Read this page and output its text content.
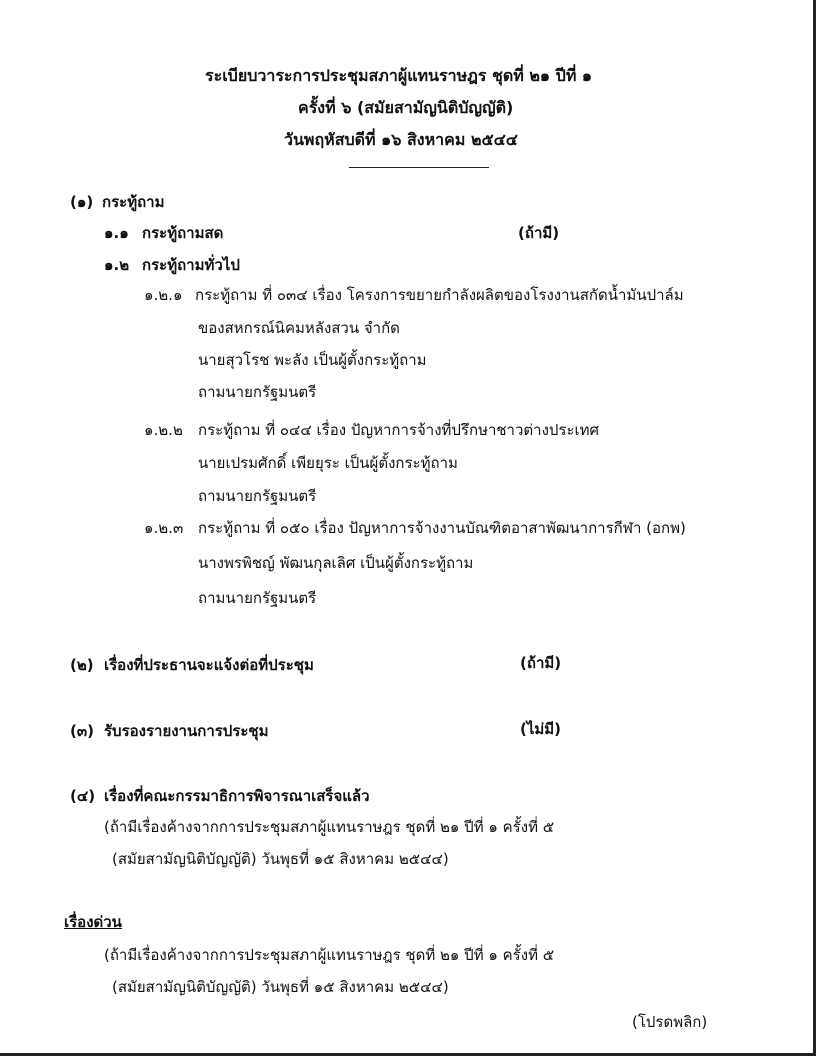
ระเบียบวาระการประชุมสภาผู้แทนราษฎร ชุดที่ ๒๑ ปีที่ ๑
ครั้งที่ ๖ (สมัยสามัญนิติบัญญัติ)
วันพฤหัสบดีที่ ๑๖ สิงหาคม ๒๕๔๔
(๑) กระทู้ถาม
๑.๑ กระทู้ถามสด	(ถ้ามี)
๑.๒ กระทู้ถามทั่วไป
๑.๒.๑ กระทู้ถาม ที่ ๐๓๔ เรื่อง โครงการขยายกำลังผลิตของโรงงานสกัดน้ำมันปาล์ม
ของสหกรณ์นิคมหลังสวน จำกัด
นายสุวโรช พะลัง เป็นผู้ตั้งกระทู้ถาม
ถามนายกรัฐมนตรี
๑.๒.๒ กระทู้ถาม ที่ ๐๔๔ เรื่อง ปัญหาการจ้างที่ปรึกษาชาวต่างประเทศ
นายเปรมศักดิ์ เพียยุระ เป็นผู้ตั้งกระทู้ถาม
ถามนายกรัฐมนตรี
๑.๒.๓ กระทู้ถาม ที่ ๐๕๐ เรื่อง ปัญหาการจ้างงานบัณฑิตอาสาพัฒนาการกีฬา (อกพ)
นางพรพิชญ์ พัฒนกุลเลิศ เป็นผู้ตั้งกระทู้ถาม
ถามนายกรัฐมนตรี
(๒) เรื่องที่ประธานจะแจ้งต่อที่ประชุม	(ถ้ามี)
(๓) รับรองรายงานการประชุม	(ไม่มี)
(๔) เรื่องที่คณะกรรมาธิการพิจารณาเสร็จแล้ว
(ถ้ามีเรื่องค้างจากการประชุมสภาผู้แทนราษฎร ชุดที่ ๒๑ ปีที่ ๑ ครั้งที่ ๕
(สมัยสามัญนิติบัญญัติ) วันพุธที่ ๑๕ สิงหาคม ๒๕๔๔)
เรื่องด่วน
(ถ้ามีเรื่องค้างจากการประชุมสภาผู้แทนราษฎร ชุดที่ ๒๑ ปีที่ ๑ ครั้งที่ ๕
(สมัยสามัญนิติบัญญัติ) วันพุธที่ ๑๕ สิงหาคม ๒๕๔๔)
(โปรดพลิก)
